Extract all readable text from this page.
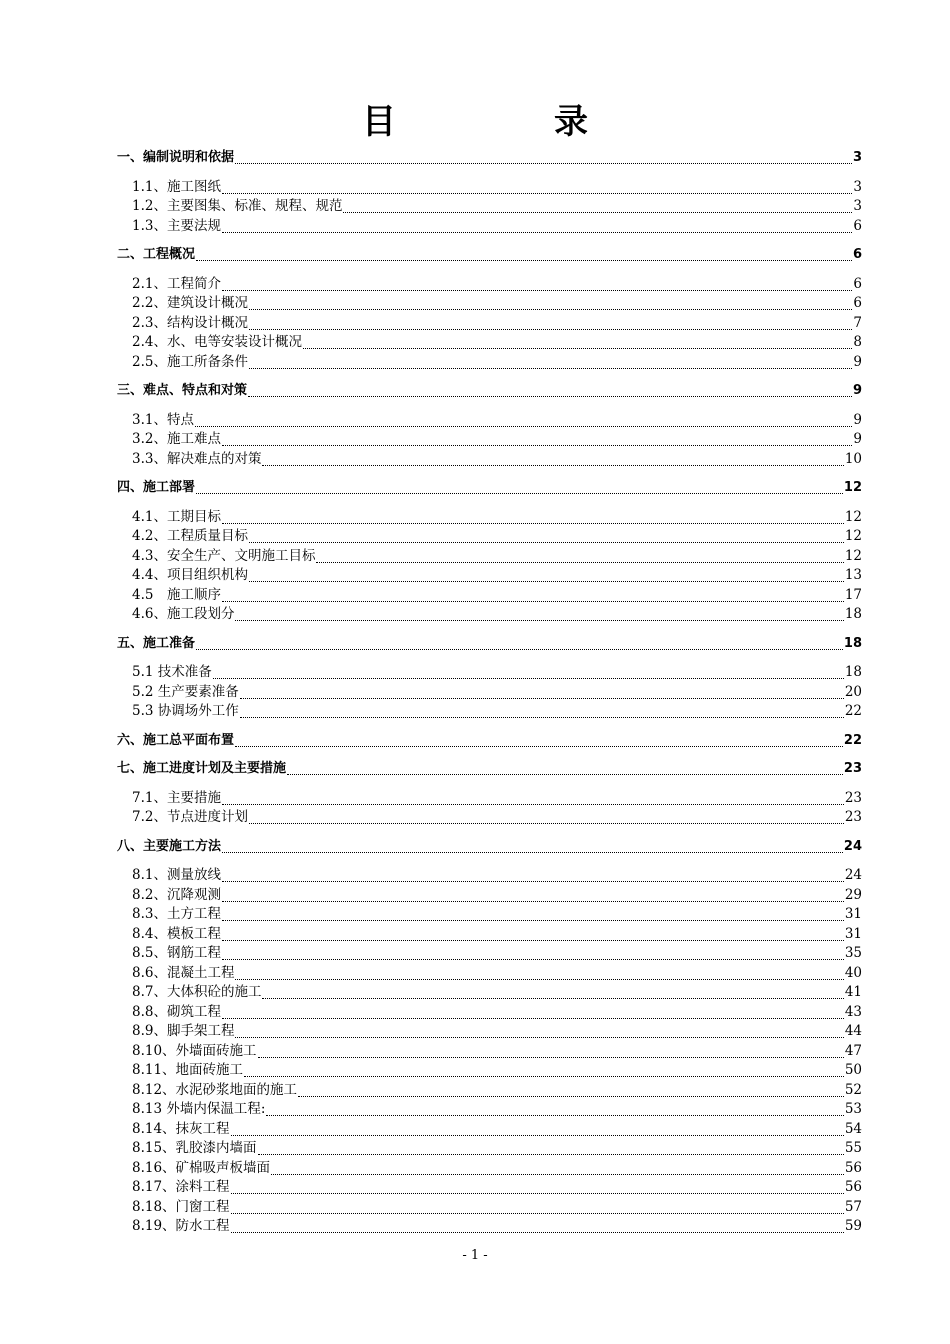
目　录
一、编制说明和依据	3
1.1、施工图纸	3
1.2、主要图集、标准、规程、规范	3
1.3、主要法规	6
二、工程概况	6
2.1、工程简介	6
2.2、建筑设计概况	6
2.3、结构设计概况	7
2.4、水、电等安装设计概况	8
2.5、施工所备条件	9
三、难点、特点和对策	9
3.1、特点	9
3.2、施工难点	9
3.3、解决难点的对策	10
四、施工部署	12
4.1、工期目标	12
4.2、工程质量目标	12
4.3、安全生产、文明施工目标	12
4.4、项目组织机构	13
4.5　施工顺序	17
4.6、施工段划分	18
五、施工准备	18
5.1 技术准备	18
5.2 生产要素准备	20
5.3 协调场外工作	22
六、施工总平面布置	22
七、施工进度计划及主要措施	23
7.1、主要措施	23
7.2、节点进度计划	23
八、主要施工方法	24
8.1、测量放线	24
8.2、沉降观测	29
8.3、土方工程	31
8.4、模板工程	31
8.5、钢筋工程	35
8.6、混凝土工程	40
8.7、大体积砼的施工	41
8.8、砌筑工程	43
8.9、脚手架工程	44
8.10、外墙面砖施工	47
8.11、地面砖施工	50
8.12、水泥砂浆地面的施工	52
8.13 外墙内保温工程:	53
8.14、抹灰工程	54
8.15、乳胶漆内墙面	55
8.16、矿棉吸声板墙面	56
8.17、涂料工程	56
8.18、门窗工程	57
8.19、防水工程	59
- 1 -
